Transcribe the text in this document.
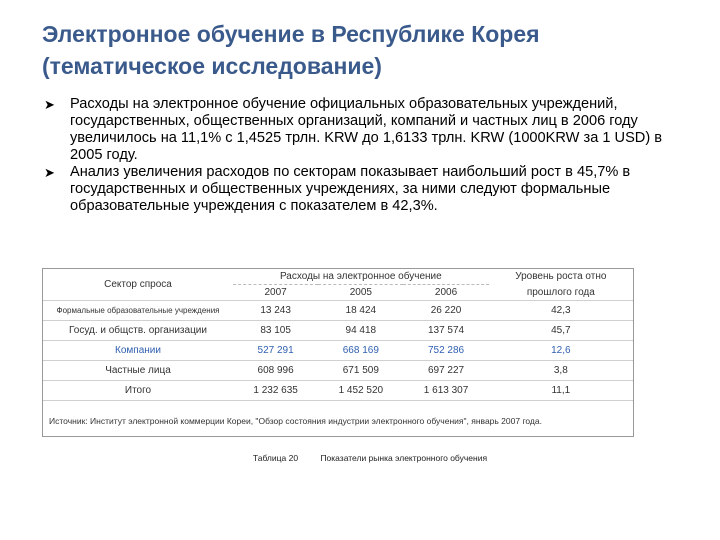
Электронное обучение в Республике Корея
(тематическое исследование)
➤ Расходы на электронное обучение официальных образовательных учреждений, государственных, общественных организаций, компаний и частных лиц в 2006 году увеличилось на 11,1% с 1,4525 трлн. KRW до 1,6133 трлн. KRW (1000KRW за 1 USD) в 2005 году.
➤ Анализ увеличения расходов по секторам показывает наибольший рост в 45,7% в государственных и общественных учреждениях, за ними следуют формальные образовательные учреждения с показателем в 42,3%.
Сектор спроса	Расходы на электронное обучение			Уровень роста отно
	2007	2005	2006	прошлого года
Формальные образовательные учреждения	13 243	18 424	26 220	42,3
Госуд. и общств. организации	83 105	94 418	137 574	45,7
Компании	527 291	668 169	752 286	12,6
Частные лица	608 996	671 509	697 227	3,8
Итого	1 232 635	1 452 520	1 613 307	11,1
Источник: Институт электронной коммерции Кореи, "Обзор состояния индустрии электронного обучения", январь 2007 года.				
Таблица 20	Показатели рынка электронного обучения
